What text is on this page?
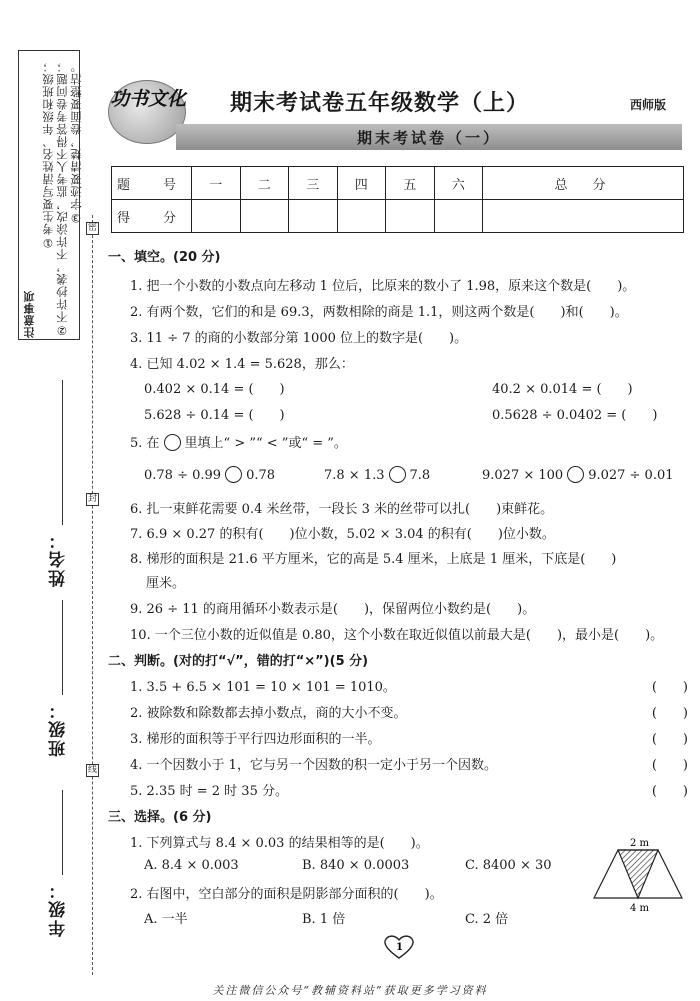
注意事项
①考生要写清姓名、年级和班级； ②不许抄袭，不许涂改，监考人不得答考卷问题； ③字迹要清楚，卷面要整洁。
姓名：
班级：
年级：
密
封
线
功书文化 期末考试卷五年级数学（上）	西师版
期末考试卷（一）
题　号	一	二	三	四	五	六	总　分
得　分							
一、填空。(20 分)
1. 把一个小数的小数点向左移动 1 位后，比原来的数小了 1.98，原来这个数是(　　)。
2. 有两个数，它们的和是 69.3，两数相除的商是 1.1，则这两个数是(　　)和(　　)。
3. 11 ÷ 7 的商的小数部分第 1000 位上的数字是(　　)。
4. 已知 4.02 × 1.4 = 5.628，那么：
0.402 × 0.14 = (　　)	40.2 × 0.014 = (　　)
5.628 ÷ 0.14 = (　　)	0.5628 ÷ 0.0402 = (　　)
5. 在 里填上“ > ”“ < ”或“ = ”。
0.78 ÷ 0.99 0.78	7.8 × 1.3 7.8	9.027 × 100 9.027 ÷ 0.01
6. 扎一束鲜花需要 0.4 米丝带，一段长 3 米的丝带可以扎(　　)束鲜花。
7. 6.9 × 0.27 的积有(　　)位小数，5.02 × 3.04 的积有(　　)位小数。
8. 梯形的面积是 21.6 平方厘米，它的高是 5.4 厘米，上底是 1 厘米，下底是(　　)
厘米。
9. 26 ÷ 11 的商用循环小数表示是(　　)，保留两位小数约是(　　)。
10. 一个三位小数的近似值是 0.80，这个小数在取近似值以前最大是(　　)，最小是(　　)。
二、判断。(对的打“√”，错的打“×”)(5 分)
1. 3.5 + 6.5 × 101 = 10 × 101 = 1010。	(　　)
2. 被除数和除数都去掉小数点，商的大小不变。	(　　)
3. 梯形的面积等于平行四边形面积的一半。	(　　)
4. 一个因数小于 1，它与另一个因数的积一定小于另一个因数。	(　　)
5. 2.35 时 = 2 时 35 分。	(　　)
三、选择。(6 分)
1. 下列算式与 8.4 × 0.03 的结果相等的是(　　)。
A. 8.4 × 0.003	B. 840 × 0.0003	C. 8400 × 30
2. 右图中，空白部分的面积是阴影部分面积的(　　)。
A. 一半	B. 1 倍	C. 2 倍
2 m
4 m
1
关注微信公众号“教辅资料站”获取更多学习资料
